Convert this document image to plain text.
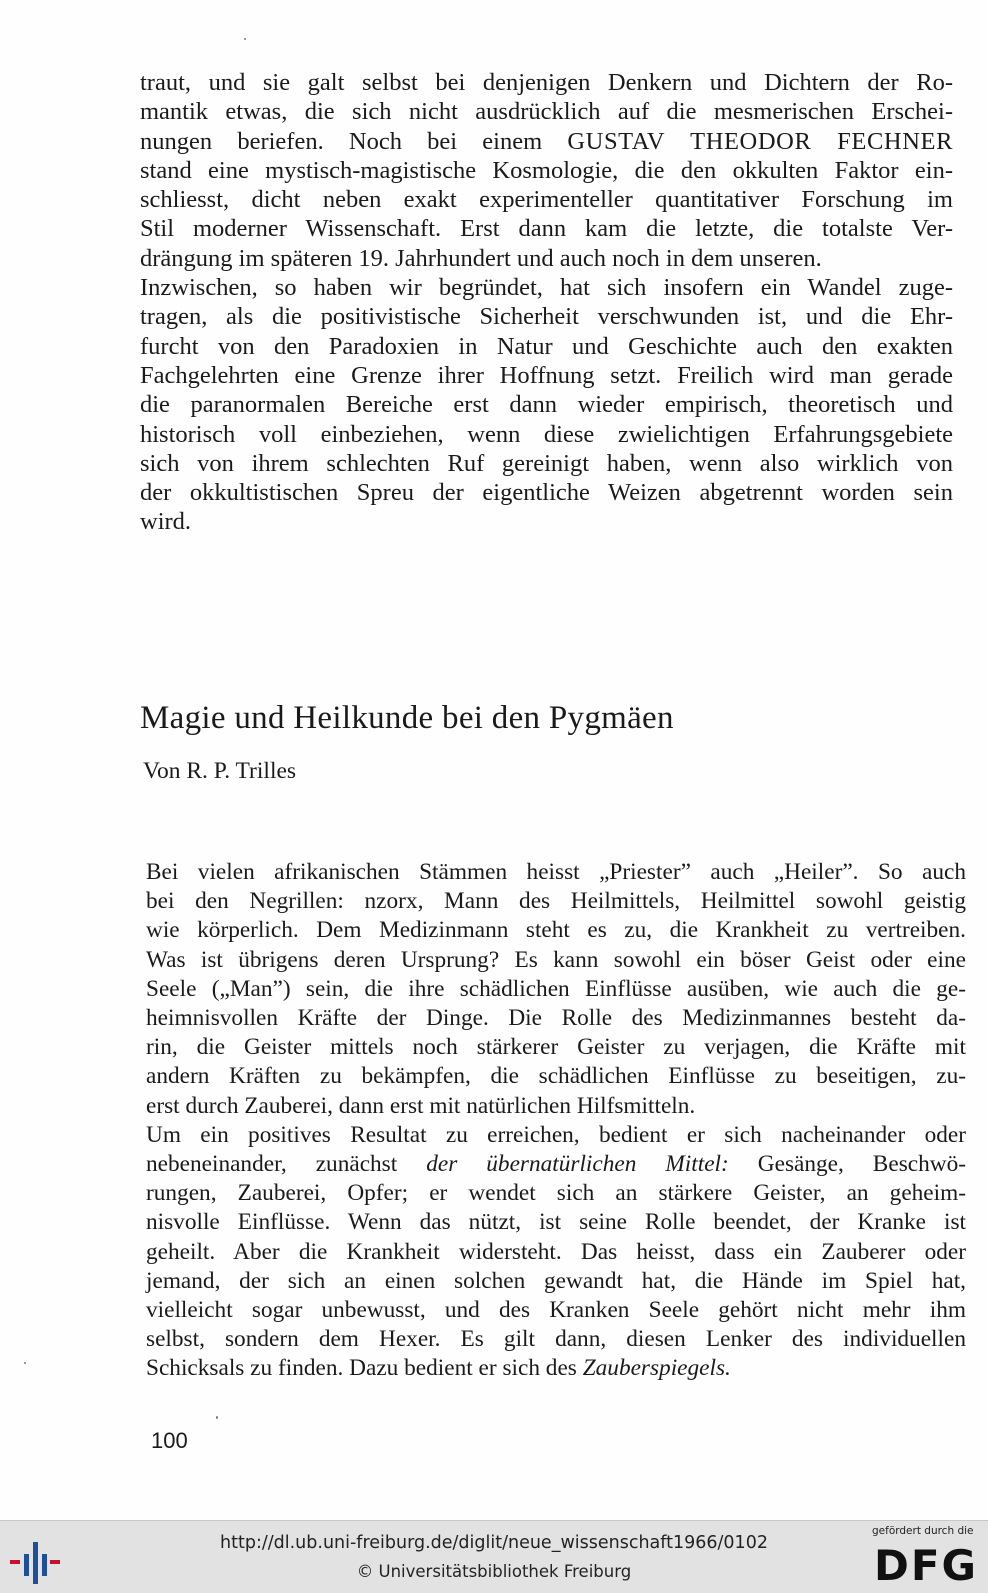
traut, und sie galt selbst bei denjenigen Denkern und Dichtern der Ro-
mantik etwas, die sich nicht ausdrücklich auf die mesmerischen Erschei-
nungen beriefen. Noch bei einem GUSTAV THEODOR FECHNER
stand eine mystisch-magistische Kosmologie, die den okkulten Faktor ein-
schliesst, dicht neben exakt experimenteller quantitativer Forschung im
Stil moderner Wissenschaft. Erst dann kam die letzte, die totalste Ver-
drängung im späteren 19. Jahrhundert und auch noch in dem unseren.
Inzwischen, so haben wir begründet, hat sich insofern ein Wandel zuge-
tragen, als die positivistische Sicherheit verschwunden ist, und die Ehr-
furcht von den Paradoxien in Natur und Geschichte auch den exakten
Fachgelehrten eine Grenze ihrer Hoffnung setzt. Freilich wird man gerade
die paranormalen Bereiche erst dann wieder empirisch, theoretisch und
historisch voll einbeziehen, wenn diese zwielichtigen Erfahrungsgebiete
sich von ihrem schlechten Ruf gereinigt haben, wenn also wirklich von
der okkultistischen Spreu der eigentliche Weizen abgetrennt worden sein
wird.
Magie und Heilkunde bei den Pygmäen

Von R. P. Trilles

Bei vielen afrikanischen Stämmen heisst „Priester” auch „Heiler”. So auch
bei den Negrillen: nzorx, Mann des Heilmittels, Heilmittel sowohl geistig
wie körperlich. Dem Medizinmann steht es zu, die Krankheit zu vertreiben.
Was ist übrigens deren Ursprung? Es kann sowohl ein böser Geist oder eine
Seele („Man”) sein, die ihre schädlichen Einflüsse ausüben, wie auch die ge-
heimnisvollen Kräfte der Dinge. Die Rolle des Medizinmannes besteht da-
rin, die Geister mittels noch stärkerer Geister zu verjagen, die Kräfte mit
andern Kräften zu bekämpfen, die schädlichen Einflüsse zu beseitigen, zu-
erst durch Zauberei, dann erst mit natürlichen Hilfsmitteln.
Um ein positives Resultat zu erreichen, bedient er sich nacheinander oder
nebeneinander, zunächst der übernatürlichen Mittel: Gesänge, Beschwö-
rungen, Zauberei, Opfer; er wendet sich an stärkere Geister, an geheim-
nisvolle Einflüsse. Wenn das nützt, ist seine Rolle beendet, der Kranke ist
geheilt. Aber die Krankheit widersteht. Das heisst, dass ein Zauberer oder
jemand, der sich an einen solchen gewandt hat, die Hände im Spiel hat,
vielleicht sogar unbewusst, und des Kranken Seele gehört nicht mehr ihm
selbst, sondern dem Hexer. Es gilt dann, diesen Lenker des individuellen
Schicksals zu finden. Dazu bedient er sich des Zauberspiegels.
100
http://dl.ub.uni-freiburg.de/diglit/neue_wissenschaft1966/0102
© Universitätsbibliothek Freiburg
gefördert durch die
DFG
